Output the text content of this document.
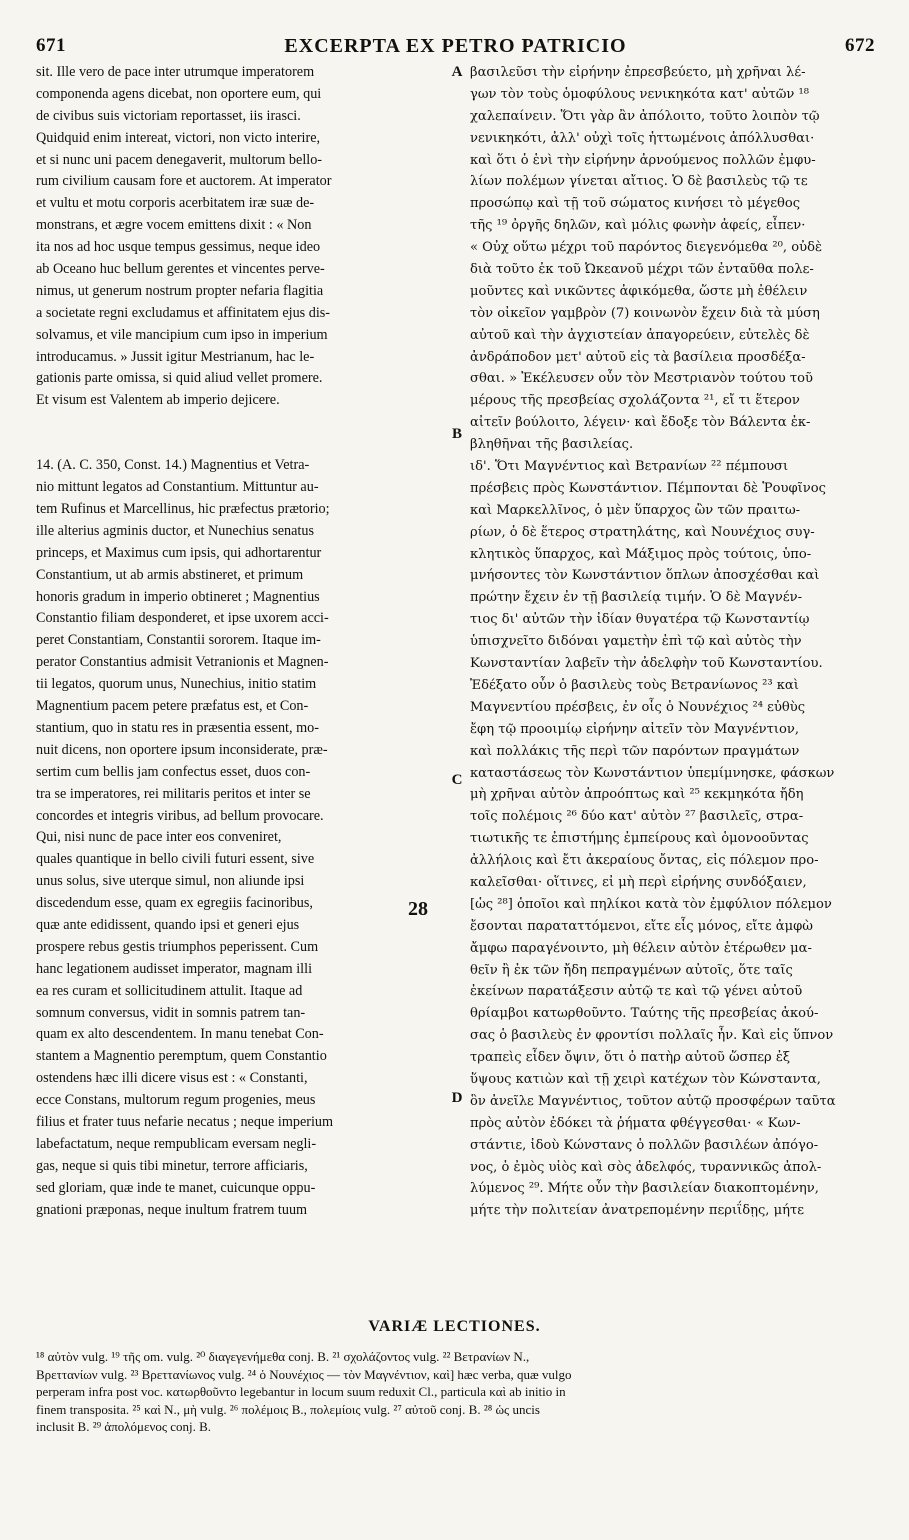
671	EXCERPTA EX PETRO PATRICIO	672
sit. Ille vero de pace inter utrumque imperatorem
componenda agens dicebat, non oportere eum, qui
de civibus suis victoriam reportasset, iis irasci.
Quidquid enim intereat, victori, non victo interire,
et si nunc uni pacem denegaverit, multorum bello-
rum civilium causam fore et auctorem. At imperator
et vultu et motu corporis acerbitatem iræ suæ de-
monstrans, et ægre vocem emittens dixit : « Non
ita nos ad hoc usque tempus gessimus, neque ideo
ab Oceano huc bellum gerentes et vincentes perve-
nimus, ut generum nostrum propter nefaria flagitia
a societate regni excludamus et affinitatem ejus dis-
solvamus, et vile mancipium cum ipso in imperium
introducamus. » Jussit igitur Mestrianum, hac le-
gationis parte omissa, si quid aliud vellet promere.
Et visum est Valentem ab imperio dejicere.
14. (A. C. 350, Const. 14.) Magnentius et Vetra-
nio mittunt legatos ad Constantium. Mittuntur au-
tem Rufinus et Marcellinus, hic præfectus prætorio;
ille alterius agminis ductor, et Nunechius senatus
princeps, et Maximus cum ipsis, qui adhortarentur
Constantium, ut ab armis abstineret, et primum
honoris gradum in imperio obtineret ; Magnentius
Constantio filiam desponderet, et ipse uxorem acci-
peret Constantiam, Constantii sororem. Itaque im-
perator Constantius admisit Vetranionis et Magnen-
tii legatos, quorum unus, Nunechius, initio statim
Magnentium pacem petere præfatus est, et Con-
stantium, quo in statu res in præsentia essent, mo-
nuit dicens, non oportere ipsum inconsiderate, præ-
sertim cum bellis jam confectus esset, duos con-
tra se imperatores, rei militaris peritos et inter se
concordes et integris viribus, ad bellum provocare.
Qui, nisi nunc de pace inter eos conveniret,
quales quantique in bello civili futuri essent, sive
unus solus, sive uterque simul, non aliunde ipsi
discedendum esse, quam ex egregiis facinoribus,
quæ ante edidissent, quando ipsi et generi ejus
prospere rebus gestis triumphos peperissent. Cum
hanc legationem audisset imperator, magnam illi
ea res curam et sollicitudinem attulit. Itaque ad
somnum conversus, vidit in somnis patrem tan-
quam ex alto descendentem. In manu tenebat Con-
stantem a Magnentio peremptum, quem Constantio
ostendens hæc illi dicere visus est : « Constanti,
ecce Constans, multorum regum progenies, meus
filius et frater tuus nefarie necatus ; neque imperium
labefactatum, neque rempublicam eversam negli-
gas, neque si quis tibi minetur, terrore afficiaris,
sed gloriam, quæ inde te manet, cuicunque oppu-
gnationi præponas, neque inultum fratrem tuum
βασιλεῦσι τὴν εἰρήνην ἐπρεσβεύετο, μὴ χρῆναι λέ-
γων τὸν τοὺς ὁμοφύλους νενικηκότα κατ' αὐτῶν ¹⁸
χαλεπαίνειν. Ὅτι γὰρ ἂν ἀπόλοιτο, τοῦτο λοιπὸν τῷ
νενικηκότι, ἀλλ' οὐχὶ τοῖς ἡττωμένοις ἀπόλλυσθαι·
καὶ ὅτι ὁ ἑνὶ τὴν εἰρήνην ἀρνούμενος πολλῶν ἐμφυ-
λίων πολέμων γίνεται αἴτιος. Ὁ δὲ βασιλεὺς τῷ τε
προσώπῳ καὶ τῇ τοῦ σώματος κινήσει τὸ μέγεθος
τῆς ¹⁹ ὀργῆς δηλῶν, καὶ μόλις φωνὴν ἀφείς, εἶπεν·
« Οὐχ οὕτω μέχρι τοῦ παρόντος διεγενόμεθα ²⁰, οὐδὲ
διὰ τοῦτο ἐκ τοῦ Ὠκεανοῦ μέχρι τῶν ἐνταῦθα πολε-
μοῦντες καὶ νικῶντες ἀφικόμεθα, ὥστε μὴ ἐθέλειν
τὸν οἰκεῖον γαμβρὸν (7) κοινωνὸν ἔχειν διὰ τὰ μύση
αὐτοῦ καὶ τὴν ἀγχιστείαν ἀπαγορεύειν, εὐτελὲς δὲ
ἀνδράποδον μετ' αὐτοῦ εἰς τὰ βασίλεια προσδέξα-
σθαι. » Ἐκέλευσεν οὖν τὸν Μεστριανὸν τούτου τοῦ
μέρους τῆς πρεσβείας σχολάζοντα ²¹, εἴ τι ἕτερον
αἰτεῖν βούλοιτο, λέγειν· καὶ ἔδοξε τὸν Βάλεντα ἐκ-
βληθῆναι τῆς βασιλείας.
ιδ'. Ὅτι Μαγνέντιος καὶ Βετρανίων ²² πέμπουσι
πρέσβεις πρὸς Κωνστάντιον. Πέμπονται δὲ Ῥουφῖνος
καὶ Μαρκελλῖνος, ὁ μὲν ὕπαρχος ὢν τῶν πραιτω-
ρίων, ὁ δὲ ἕτερος στρατηλάτης, καὶ Νουνέχιος συγ-
κλητικὸς ὕπαρχος, καὶ Μάξιμος πρὸς τούτοις, ὑπο-
μνήσοντες τὸν Κωνστάντιον ὅπλων ἀποσχέσθαι καὶ
πρώτην ἔχειν ἐν τῇ βασιλείᾳ τιμήν. Ὁ δὲ Μαγνέν-
τιος δι' αὐτῶν τὴν ἰδίαν θυγατέρα τῷ Κωνσταντίῳ
ὑπισχνεῖτο διδόναι γαμετὴν ἐπὶ τῷ καὶ αὐτὸς τὴν
Κωνσταντίαν λαβεῖν τὴν ἀδελφὴν τοῦ Κωνσταντίου.
Ἐδέξατο οὖν ὁ βασιλεὺς τοὺς Βετρανίωνος ²³ καὶ
Μαγνεντίου πρέσβεις, ἐν οἷς ὁ Νουνέχιος ²⁴ εὐθὺς
ἔφη τῷ προοιμίῳ εἰρήνην αἰτεῖν τὸν Μαγνέντιον,
καὶ πολλάκις τῆς περὶ τῶν παρόντων πραγμάτων
καταστάσεως τὸν Κωνστάντιον ὑπεμίμνησκε, φάσκων
μὴ χρῆναι αὐτὸν ἀπροόπτως καὶ ²⁵ κεκμηκότα ἤδη
τοῖς πολέμοις ²⁶ δύο κατ' αὐτὸν ²⁷ βασιλεῖς, στρα-
τιωτικῆς τε ἐπιστήμης ἐμπείρους καὶ ὁμονοοῦντας
ἀλλήλοις καὶ ἔτι ἀκεραίους ὄντας, εἰς πόλεμον προ-
καλεῖσθαι· οἵτινες, εἰ μὴ περὶ εἰρήνης συνδόξαιεν,
[ὡς ²⁸] ὁποῖοι καὶ πηλίκοι κατὰ τὸν ἐμφύλιον πόλεμον
ἔσονται παραταττόμενοι, εἴτε εἷς μόνος, εἴτε ἀμφὼ
ἄμφω παραγένοιντο, μὴ θέλειν αὐτὸν ἑτέρωθεν μα-
θεῖν ἢ ἐκ τῶν ἤδη πεπραγμένων αὐτοῖς, ὅτε ταῖς
ἐκείνων παρατάξεσιν αὐτῷ τε καὶ τῷ γένει αὐτοῦ
θρίαμβοι κατωρθοῦντο. Ταύτης τῆς πρεσβείας ἀκού-
σας ὁ βασιλεὺς ἐν φροντίσι πολλαῖς ἦν. Καὶ εἰς ὕπνον
τραπεὶς εἶδεν ὄψιν, ὅτι ὁ πατὴρ αὐτοῦ ὥσπερ ἐξ
ὕψους κατιὼν καὶ τῇ χειρὶ κατέχων τὸν Κώνσταντα,
ὃν ἀνεῖλε Μαγνέντιος, τοῦτον αὐτῷ προσφέρων ταῦτα
πρὸς αὐτὸν ἐδόκει τὰ ῥήματα φθέγγεσθαι· « Κων-
στάντιε, ἰδοὺ Κώνστανς ὁ πολλῶν βασιλέων ἀπόγο-
νος, ὁ ἐμὸς υἱὸς καὶ σὸς ἀδελφός, τυραννικῶς ἀπολ-
λύμενος ²⁹. Μήτε οὖν τὴν βασιλείαν διακοπτομένην,
μήτε τὴν πολιτείαν ἀνατρεπομένην περιΐδῃς, μήτε
A
B
C
D
28
VARIÆ LECTIONES.
¹⁸ αὐτὸν vulg. ¹⁹ τῆς om. vulg. ²⁰ διαγεγενήμεθα conj. B. ²¹ σχολάζοντος vulg. ²² Βετρανίων N.,
Βρεττανίων vulg. ²³ Βρεττανίωνος vulg. ²⁴ ὁ Νουνέχιος — τὸν Μαγνέντιον, καὶ] hæc verba, quæ vulgo
perperam infra post voc. κατωρθοῦντο legebantur in locum suum reduxit Cl., particula καὶ ab initio in
finem transposita. ²⁵ καὶ N., μὴ vulg. ²⁶ πολέμοις B., πολεμίοις vulg. ²⁷ αὐτοῦ conj. B. ²⁸ ὡς uncis
inclusit B. ²⁹ ἀπολόμενος conj. B.
